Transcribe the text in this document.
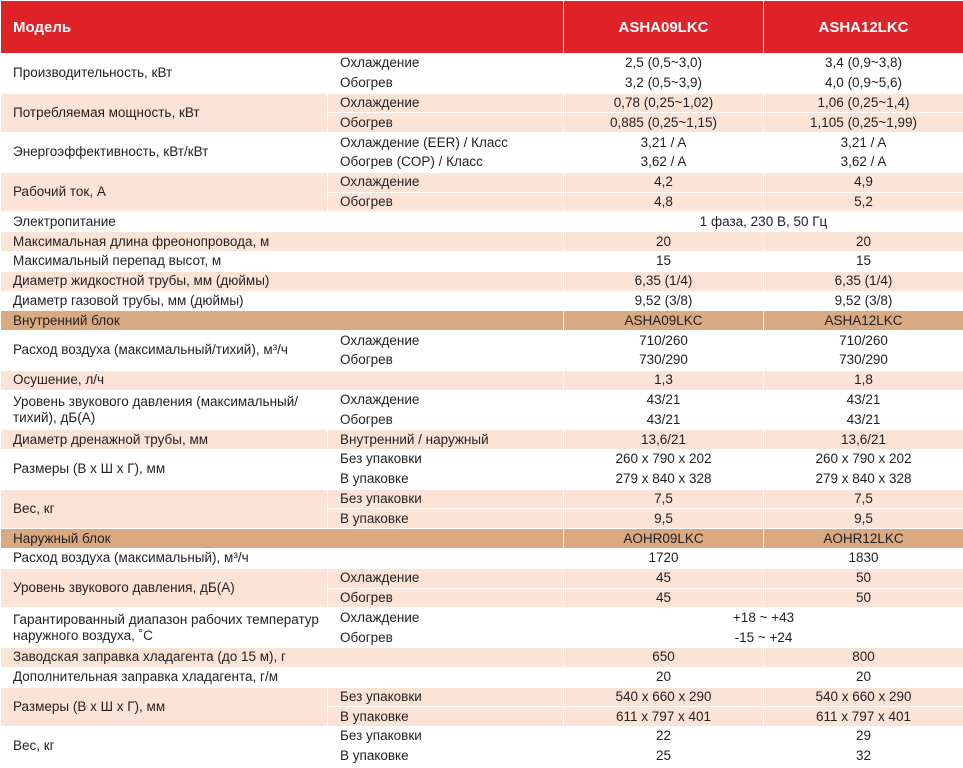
Модель		ASHA09LKC	ASHA12LKC
Производительность, кВт	Охлаждение	2,5 (0,5~3,0)	3,4 (0,9~3,8)
	Обогрев	3,2 (0,5~3,9)	4,0 (0,9~5,6)
Потребляемая мощность, кВт	Охлаждение	0,78 (0,25~1,02)	1,06 (0,25~1,4)
	Обогрев	0,885 (0,25~1,15)	1,105 (0,25~1,99)
Энергоэффективность, кВт/кВт	Охлаждение (EER) / Класс	3,21 / A	3,21 / A
	Обогрев (COP) / Класс	3,62 / A	3,62 / A
Рабочий ток, А	Охлаждение	4,2	4,9
	Обогрев	4,8	5,2
Электропитание		1 фаза, 230 В, 50 Гц	
Максимальная длина фреонопровода, м		20	20
Максимальный перепад высот, м		15	15
Диаметр жидкостной трубы, мм (дюймы)		6,35 (1/4)	6,35 (1/4)
Диаметр газовой трубы, мм (дюймы)		9,52 (3/8)	9,52 (3/8)
Внутренний блок		ASHA09LKC	ASHA12LKC
Расход воздуха (максимальный/тихий), м³/ч	Охлаждение	710/260	710/260
	Обогрев	730/290	730/290
Осушение, л/ч		1,3	1,8
Уровень звукового давления (максимальный/тихий), дБ(А)	Охлаждение	43/21	43/21
	Обогрев	43/21	43/21
Диаметр дренажной трубы, мм	Внутренний / наружный	13,6/21	13,6/21
Размеры (В х Ш х Г), мм	Без упаковки	260 x 790 x 202	260 x 790 x 202
	В упаковке	279 x 840 x 328	279 x 840 x 328
Вес, кг	Без упаковки	7,5	7,5
	В упаковке	9,5	9,5
Наружный блок		AOHR09LKC	AOHR12LKC
Расход воздуха (максимальный), м³/ч		1720	1830
Уровень звукового давления, дБ(А)	Охлаждение	45	50
	Обогрев	45	50
Гарантированный диапазон рабочих температур наружного воздуха, ˚С	Охлаждение	+18 ~ +43	
	Обогрев	-15 ~ +24	
Заводская заправка хладагента (до 15 м), г		650	800
Дополнительная заправка хладагента, г/м		20	20
Размеры (В х Ш х Г), мм	Без упаковки	540 x 660 x 290	540 x 660 x 290
	В упаковке	611 x 797 x 401	611 x 797 x 401
Вес, кг	Без упаковки	22	29
	В упаковке	25	32
